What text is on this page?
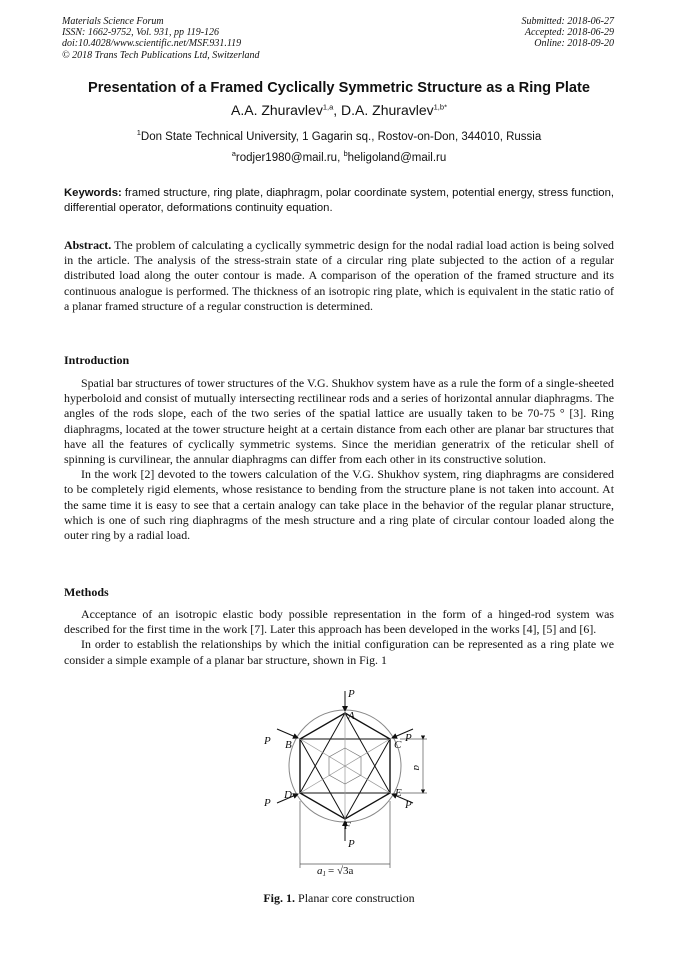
Materials Science Forum
ISSN: 1662-9752, Vol. 931, pp 119-126
doi:10.4028/www.scientific.net/MSF.931.119
© 2018 Trans Tech Publications Ltd, Switzerland
Submitted: 2018-06-27
Accepted: 2018-06-29
Online: 2018-09-20
Presentation of a Framed Cyclically Symmetric Structure as a Ring Plate
A.A. Zhuravlev$^{1,a}$, D.A. Zhuravlev$^{1,b*}$
$^1$Don State Technical University, 1 Gagarin sq., Rostov-on-Don, 344010, Russia
$^a$rodjer1980@mail.ru, $^b$heligoland@mail.ru
Keywords: framed structure, ring plate, diaphragm, polar coordinate system, potential energy, stress function, differential operator, deformations continuity equation.

Abstract. The problem of calculating a cyclically symmetric design for the nodal radial load action is being solved in the article. The analysis of the stress-strain state of a circular ring plate subjected to the action of a regular distributed load along the outer contour is made. A comparison of the operation of the framed structure and its continuous analogue is performed. The thickness of an isotropic ring plate, which is equivalent in the static ratio of a planar framed structure of a regular construction is determined.

Introduction

Spatial bar structures of tower structures of the V.G. Shukhov system have as a rule the form of a single-sheeted hyperboloid and consist of mutually intersecting rectilinear rods and a series of horizontal annular diaphragms. The angles of the rods slope, each of the two series of the spatial lattice are usually taken to be 70-75 ° [3]. Ring diaphragms, located at the tower structure height at a certain distance from each other are planar bar structures that have all the features of cyclically symmetric systems. Since the meridian generatrix of the reticular shell of spinning is curvilinear, the annular diaphragms can differ from each other in its constructive solution.

In the work [2] devoted to the towers calculation of the V.G. Shukhov system, ring diaphragms are considered to be completely rigid elements, whose resistance to bending from the structure plane is not taken into account. At the same time it is easy to see that a certain analogy can take place in the behavior of the regular planar structure, which is one of such ring diaphragms of the mesh structure and a ring plate of circular contour loaded along the outer ring by a radial load.

Methods

Acceptance of an isotropic elastic body possible representation in the form of a hinged-rod system was described for the first time in the work [7]. Later this approach has been developed in the works [4], [5] and [6].

In order to establish the relationships by which the initial configuration can be represented as a ring plate we consider a simple example of a planar bar structure, shown in Fig. 1

P
A
B	C
D	E
F
P
P	P
P	P
a
a1 = √3a
Fig. 1. Planar core construction
